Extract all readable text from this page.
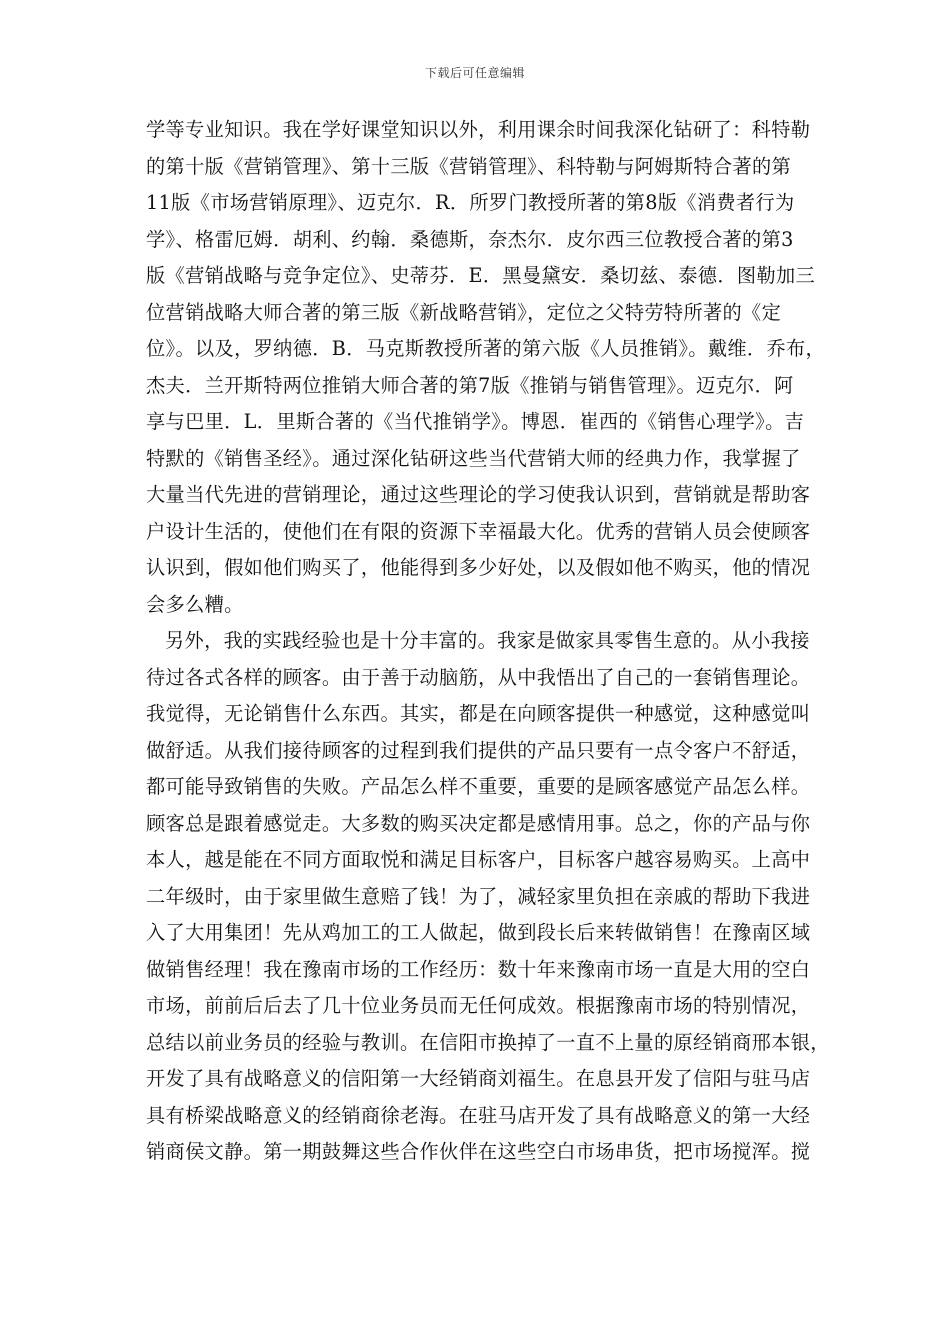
下载后可任意编辑
学等专业知识。我在学好课堂知识以外，利用课余时间我深化钻研了：科特勒
的第十版《营销管理》、第十三版《营销管理》、科特勒与阿姆斯特合著的第
11版《市场营销原理》、迈克尔．R．所罗门教授所著的第8版《消费者行为
学》、格雷厄姆．胡利、约翰．桑德斯，奈杰尔．皮尔西三位教授合著的第3
版《营销战略与竞争定位》、史蒂芬．E．黑曼黛安．桑切兹、泰德．图勒加三
位营销战略大师合著的第三版《新战略营销》，定位之父特劳特所著的《定
位》。以及，罗纳德．B．马克斯教授所著的第六版《人员推销》。戴维．乔布，
杰夫．兰开斯特两位推销大师合著的第7版《推销与销售管理》。迈克尔．阿
享与巴里．L．里斯合著的《当代推销学》。博恩．崔西的《销售心理学》。吉
特默的《销售圣经》。通过深化钻研这些当代营销大师的经典力作，我掌握了
大量当代先进的营销理论，通过这些理论的学习使我认识到，营销就是帮助客
户设计生活的，使他们在有限的资源下幸福最大化。优秀的营销人员会使顾客
认识到，假如他们购买了，他能得到多少好处，以及假如他不购买，他的情况
会多么糟。
另外，我的实践经验也是十分丰富的。我家是做家具零售生意的。从小我接
待过各式各样的顾客。由于善于动脑筋，从中我悟出了自己的一套销售理论。
我觉得，无论销售什么东西。其实，都是在向顾客提供一种感觉，这种感觉叫
做舒适。从我们接待顾客的过程到我们提供的产品只要有一点令客户不舒适，
都可能导致销售的失败。产品怎么样不重要，重要的是顾客感觉产品怎么样。
顾客总是跟着感觉走。大多数的购买决定都是感情用事。总之，你的产品与你
本人，越是能在不同方面取悦和满足目标客户，目标客户越容易购买。上高中
二年级时，由于家里做生意赔了钱！为了，减轻家里负担在亲戚的帮助下我进
入了大用集团！先从鸡加工的工人做起，做到段长后来转做销售！在豫南区域
做销售经理！我在豫南市场的工作经历：数十年来豫南市场一直是大用的空白
市场，前前后后去了几十位业务员而无任何成效。根据豫南市场的特别情况，
总结以前业务员的经验与教训。在信阳市换掉了一直不上量的原经销商邢本银，
开发了具有战略意义的信阳第一大经销商刘福生。在息县开发了信阳与驻马店
具有桥梁战略意义的经销商徐老海。在驻马店开发了具有战略意义的第一大经
销商侯文静。第一期鼓舞这些合作伙伴在这些空白市场串货，把市场搅浑。搅
